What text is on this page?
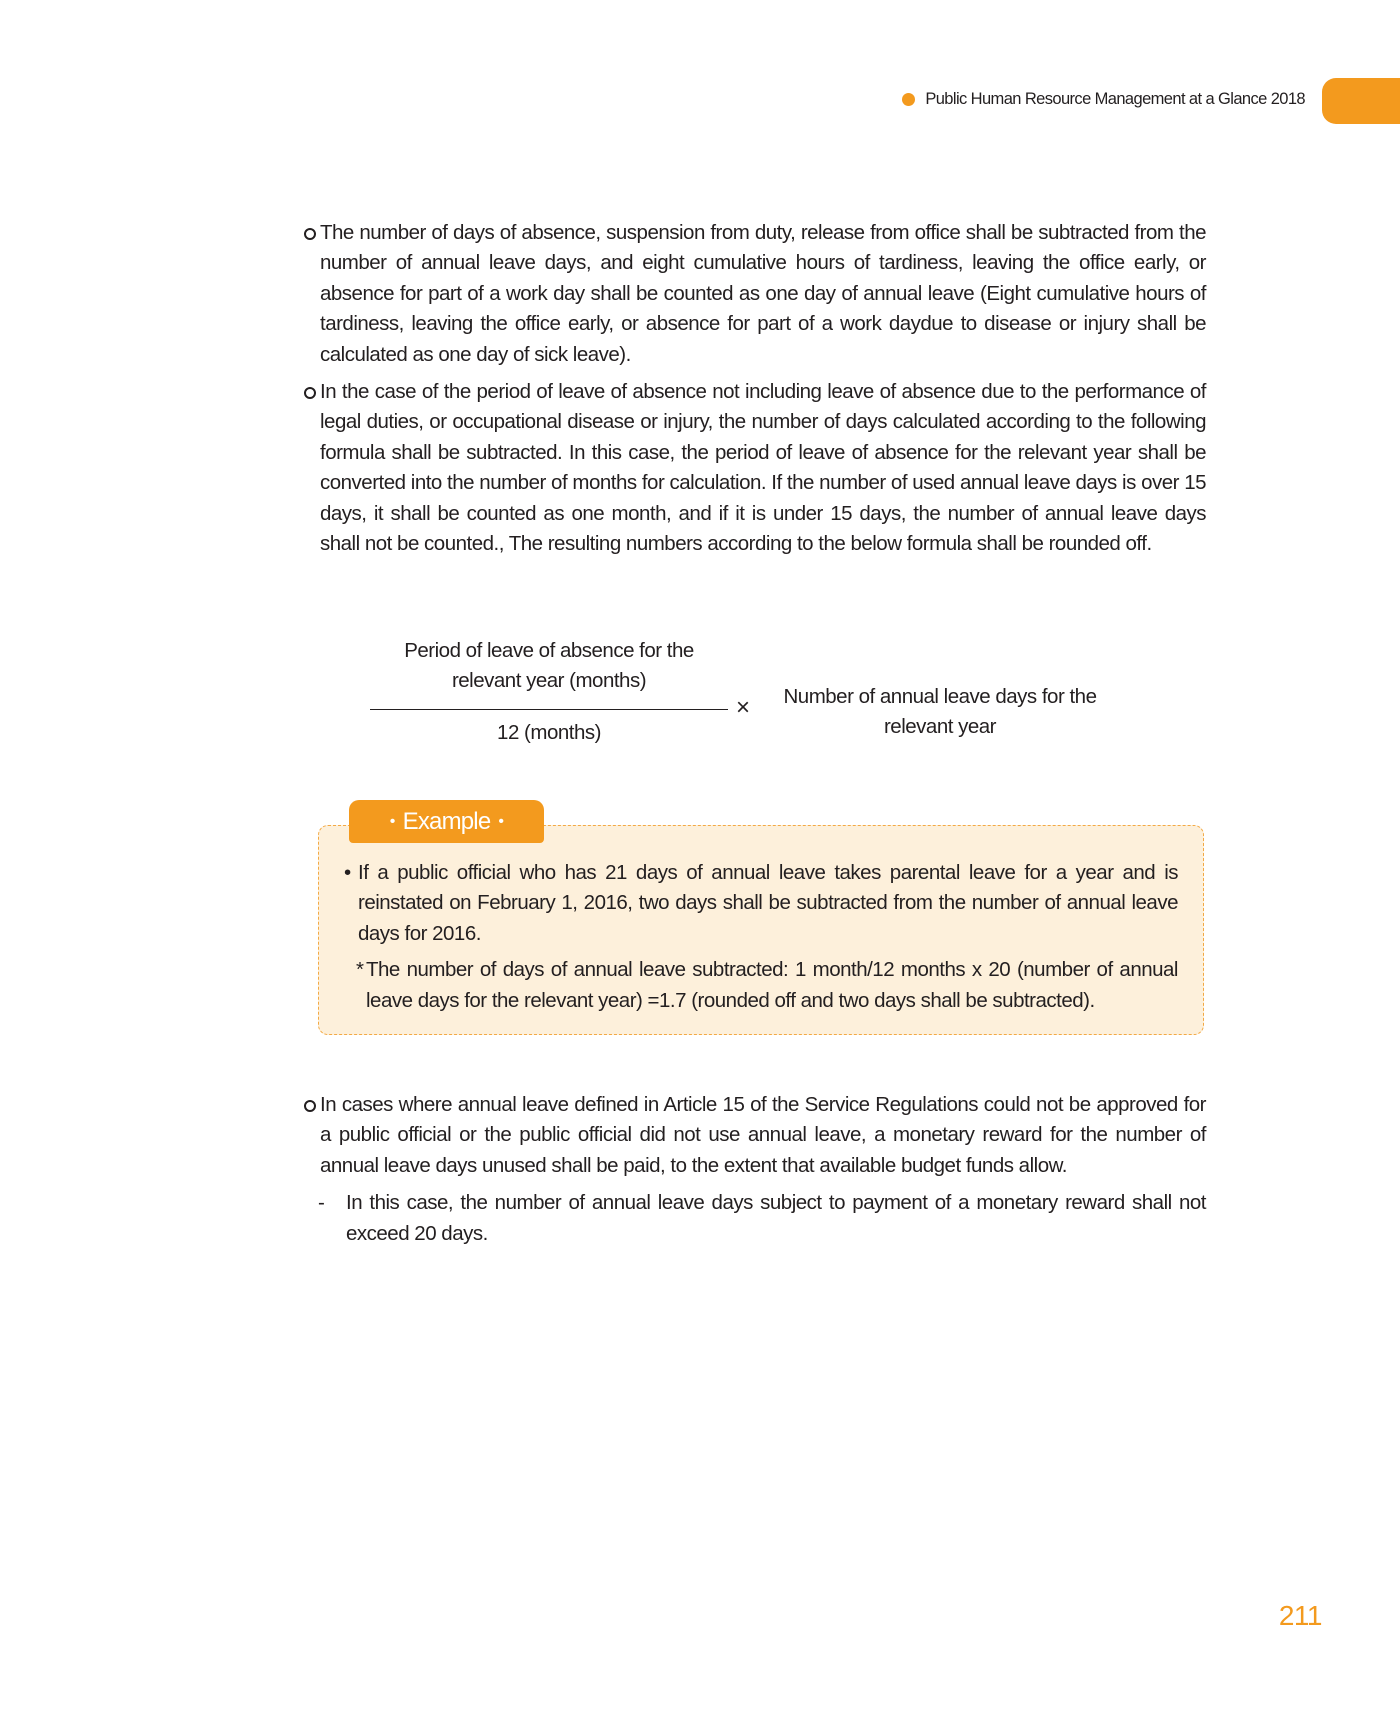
Public Human Resource Management at a Glance 2018

The number of days of absence, suspension from duty, release from office shall be subtracted from the number of annual leave days, and eight cumulative hours of tardiness, leaving the office early, or absence for part of a work day shall be counted as one day of annual leave (Eight cumulative hours of tardiness, leaving the office early, or absence for part of a work daydue to disease or injury shall be calculated as one day of sick leave).

In the case of the period of leave of absence not including leave of absence due to the performance of legal duties, or occupational disease or injury, the number of days calculated according to the following formula shall be subtracted. In this case, the period of leave of absence for the relevant year shall be converted into the number of months for calculation. If the number of used annual leave days is over 15 days, it shall be counted as one month, and if it is under 15 days, the number of annual leave days shall not be counted., The resulting numbers according to the below formula shall be rounded off.

Period of leave of absence for the relevant year (months)
12 (months)
×	Number of annual leave days for the relevant year
• Example •
• If a public official who has 21 days of annual leave takes parental leave for a year and is reinstated on February 1, 2016, two days shall be subtracted from the number of annual leave days for 2016.
* The number of days of annual leave subtracted: 1 month/12 months x 20 (number of annual leave days for the relevant year) =1.7 (rounded off and two days shall be subtracted).

In cases where annual leave defined in Article 15 of the Service Regulations could not be approved for a public official or the public official did not use annual leave, a monetary reward for the number of annual leave days unused shall be paid, to the extent that available budget funds allow.

- In this case, the number of annual leave days subject to payment of a monetary reward shall not exceed 20 days.
211
